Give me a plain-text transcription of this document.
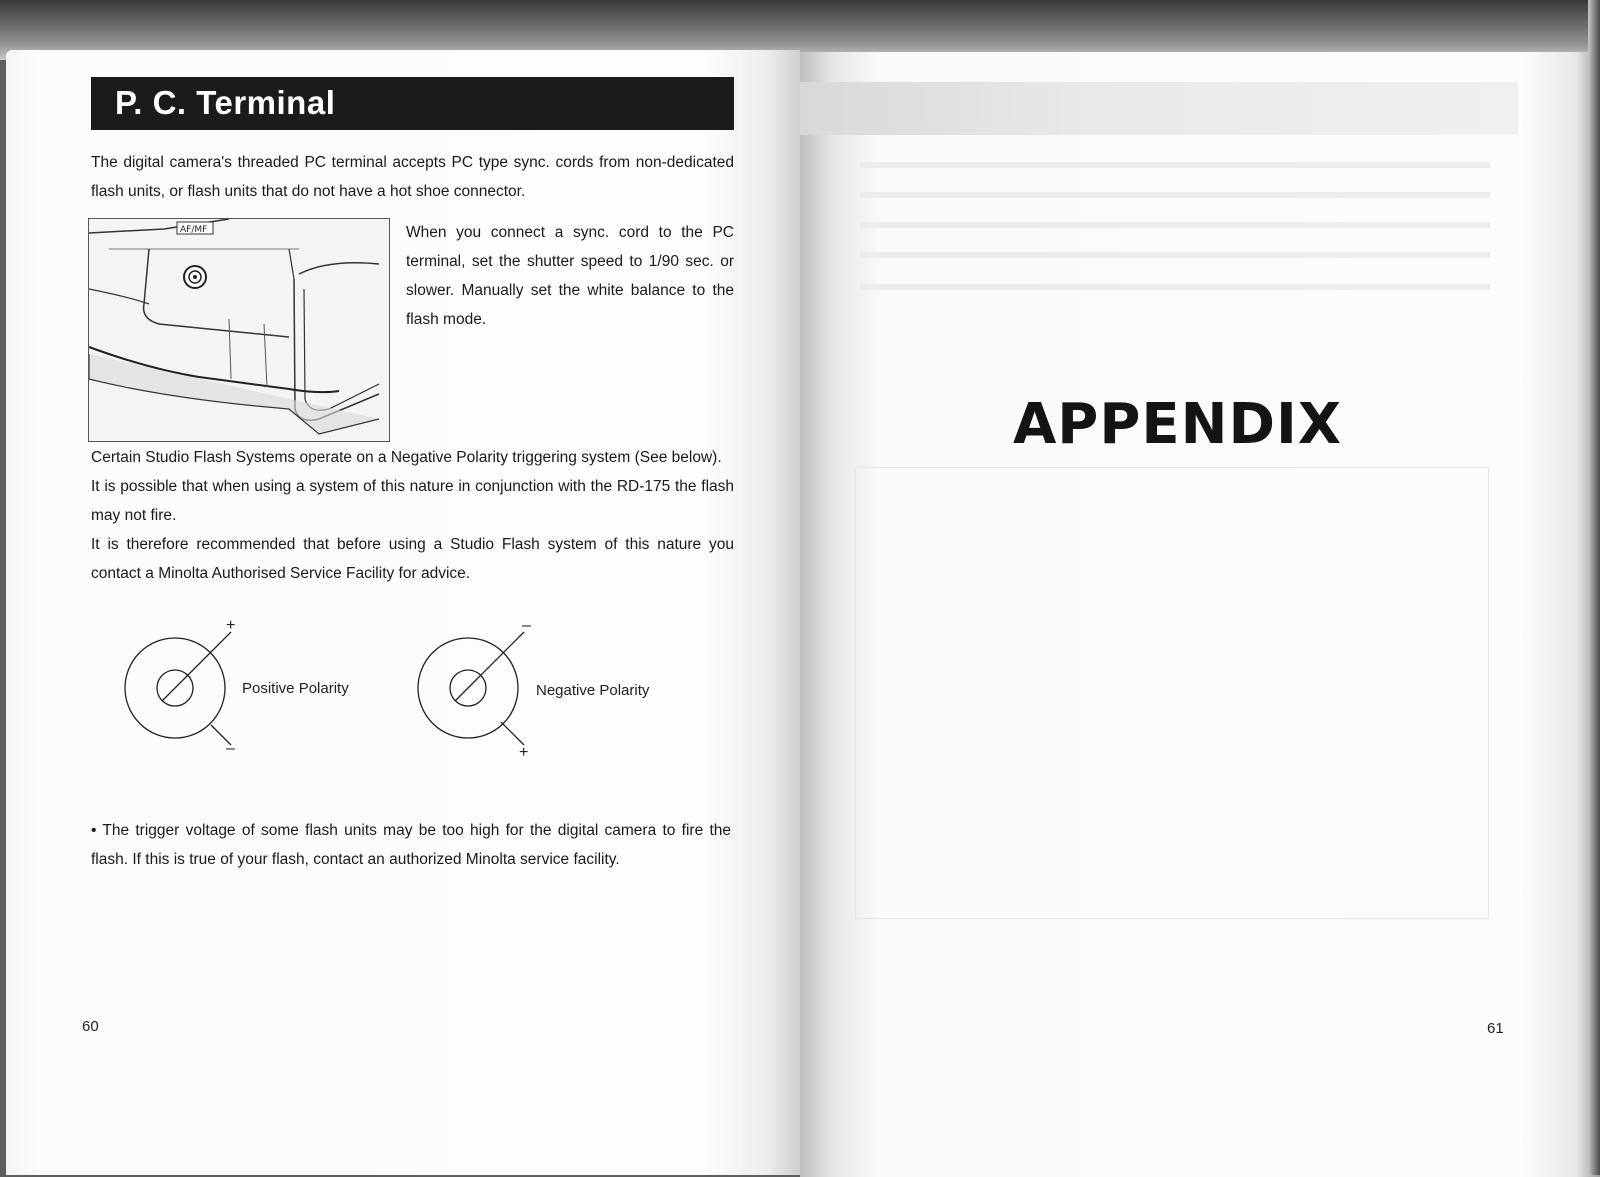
P. C. Terminal
The digital camera's threaded PC terminal accepts PC type sync. cords from non-dedicated flash units, or flash units that do not have a hot shoe connector.
AF/MF	When you connect a sync. cord to the PC terminal, set the shutter speed to 1/90 sec. or slower. Manually set the white balance to the flash mode.
Certain Studio Flash Systems operate on a Negative Polarity triggering system (See below).
It is possible that when using a system of this nature in conjunction with the RD-175 the flash may not fire.
It is therefore recommended that before using a Studio Flash system of this nature you contact a Minolta Authorised Service Facility for advice.
+
–
–
+
Positive Polarity	Negative Polarity
• The trigger voltage of some flash units may be too high for the digital camera to fire the flash. If this is true of your flash, contact an authorized Minolta service facility.
60
APPENDIX
61
